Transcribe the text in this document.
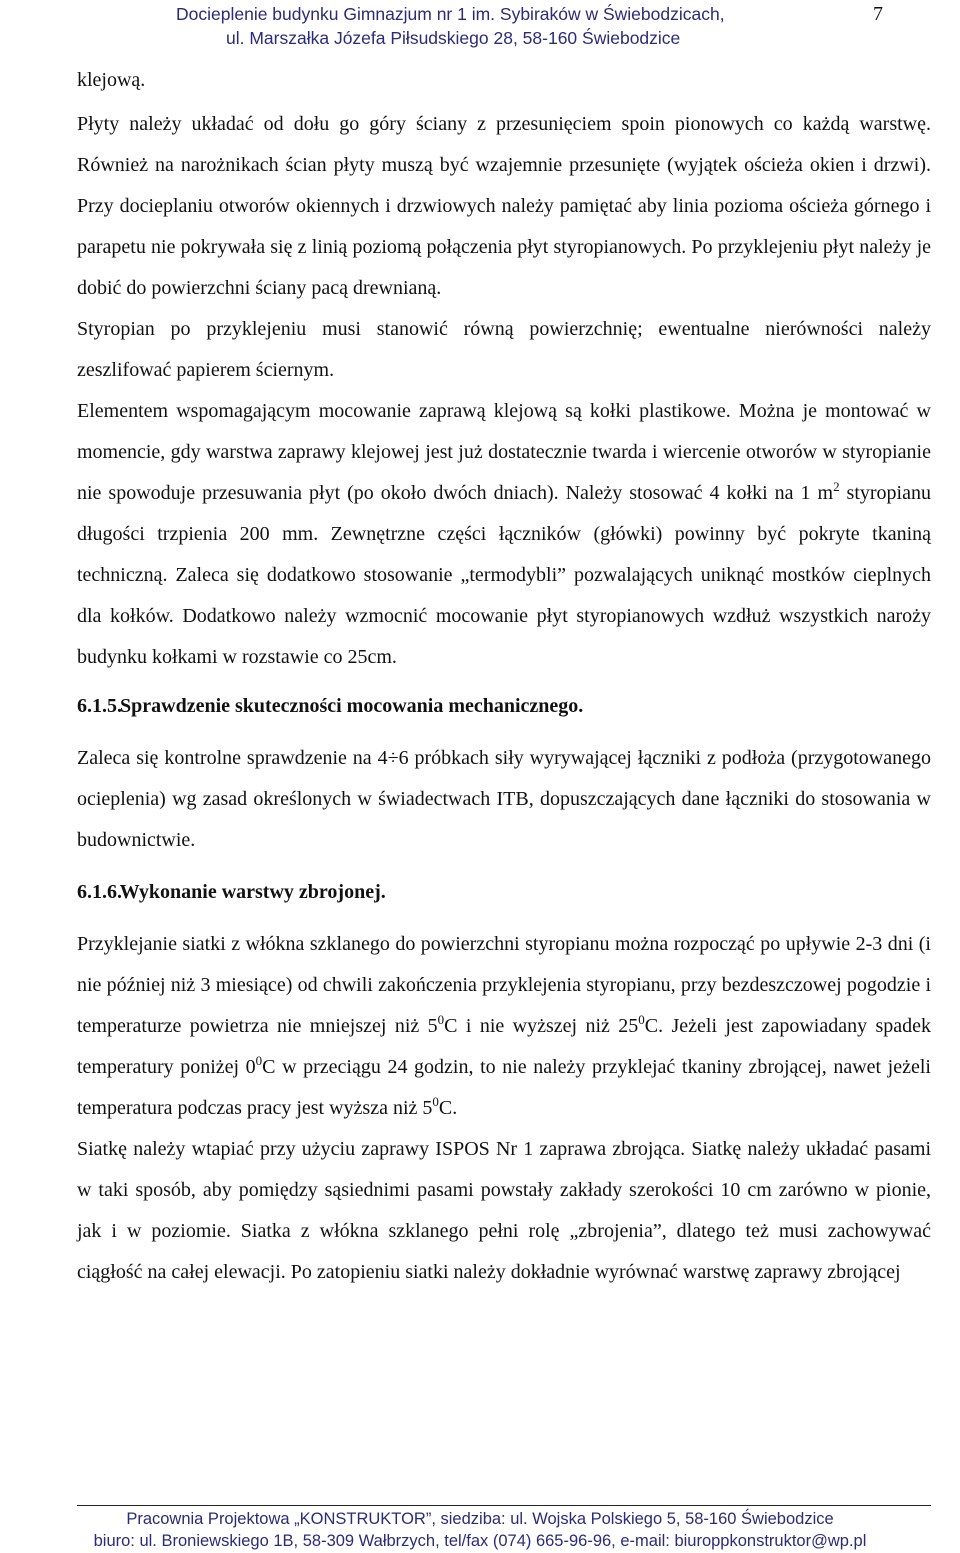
Docieplenie budynku Gimnazjum nr 1 im. Sybiraków w Świebodzicach,
ul. Marszałka Józefa Piłsudskiego 28, 58-160 Świebodzice
7

klejową.

Płyty należy układać od dołu go góry ściany z przesunięciem spoin pionowych co każdą warstwę. Również na narożnikach ścian płyty muszą być wzajemnie przesunięte (wyjątek ościeża okien i drzwi). Przy docieplaniu otworów okiennych i drzwiowych należy pamiętać aby linia pozioma ościeża górnego i parapetu nie pokrywała się z linią poziomą połączenia płyt styropianowych. Po przyklejeniu płyt należy je dobić do powierzchni ściany pacą drewnianą.

Styropian po przyklejeniu musi stanowić równą powierzchnię; ewentualne nierówności należy zeszlifować papierem ściernym.

Elementem wspomagającym mocowanie zaprawą klejową są kołki plastikowe. Można je montować w momencie, gdy warstwa zaprawy klejowej jest już dostatecznie twarda i wiercenie otworów w styropianie nie spowoduje przesuwania płyt (po około dwóch dniach). Należy stosować 4 kołki na 1 $m^2$ styropianu długości trzpienia 200 mm. Zewnętrzne części łączników (główki) powinny być pokryte tkaniną techniczną. Zaleca się dodatkowo stosowanie „termodybli” pozwalających uniknąć mostków cieplnych dla kołków. Dodatkowo należy wzmocnić mocowanie płyt styropianowych wzdłuż wszystkich naroży budynku kołkami w rozstawie co 25cm.

6.1.5. Sprawdzenie skuteczności mocowania mechanicznego.

Zaleca się kontrolne sprawdzenie na 4÷6 próbkach siły wyrywającej łączniki z podłoża (przygotowanego ocieplenia) wg zasad określonych w świadectwach ITB, dopuszczających dane łączniki do stosowania w budownictwie.

6.1.6. Wykonanie warstwy zbrojonej.

Przyklejanie siatki z włókna szklanego do powierzchni styropianu można rozpocząć po upływie 2-3 dni (i nie później niż 3 miesiące) od chwili zakończenia przyklejenia styropianu, przy bezdeszczowej pogodzie i temperaturze powietrza nie mniejszej niż $5^0C$ i nie wyższej niż $25^0C$. Jeżeli jest zapowiadany spadek temperatury poniżej $0^0C$ w przeciągu 24 godzin, to nie należy przyklejać tkaniny zbrojącej, nawet jeżeli temperatura podczas pracy jest wyższa niż $5^0C$.

Siatkę należy wtapiać przy użyciu zaprawy ISPOS Nr 1 zaprawa zbrojąca. Siatkę należy układać pasami w taki sposób, aby pomiędzy sąsiednimi pasami powstały zakłady szerokości 10 cm zarówno w pionie, jak i w poziomie. Siatka z włókna szklanego pełni rolę „zbrojenia”, dlatego też musi zachowywać ciągłość na całej elewacji. Po zatopieniu siatki należy dokładnie wyrównać warstwę zaprawy zbrojącej

Pracownia Projektowa „KONSTRUKTOR”, siedziba: ul. Wojska Polskiego 5, 58-160 Świebodzice
biuro: ul. Broniewskiego 1B, 58-309 Wałbrzych, tel/fax (074) 665-96-96, e-mail: biuroppkonstruktor@wp.pl
